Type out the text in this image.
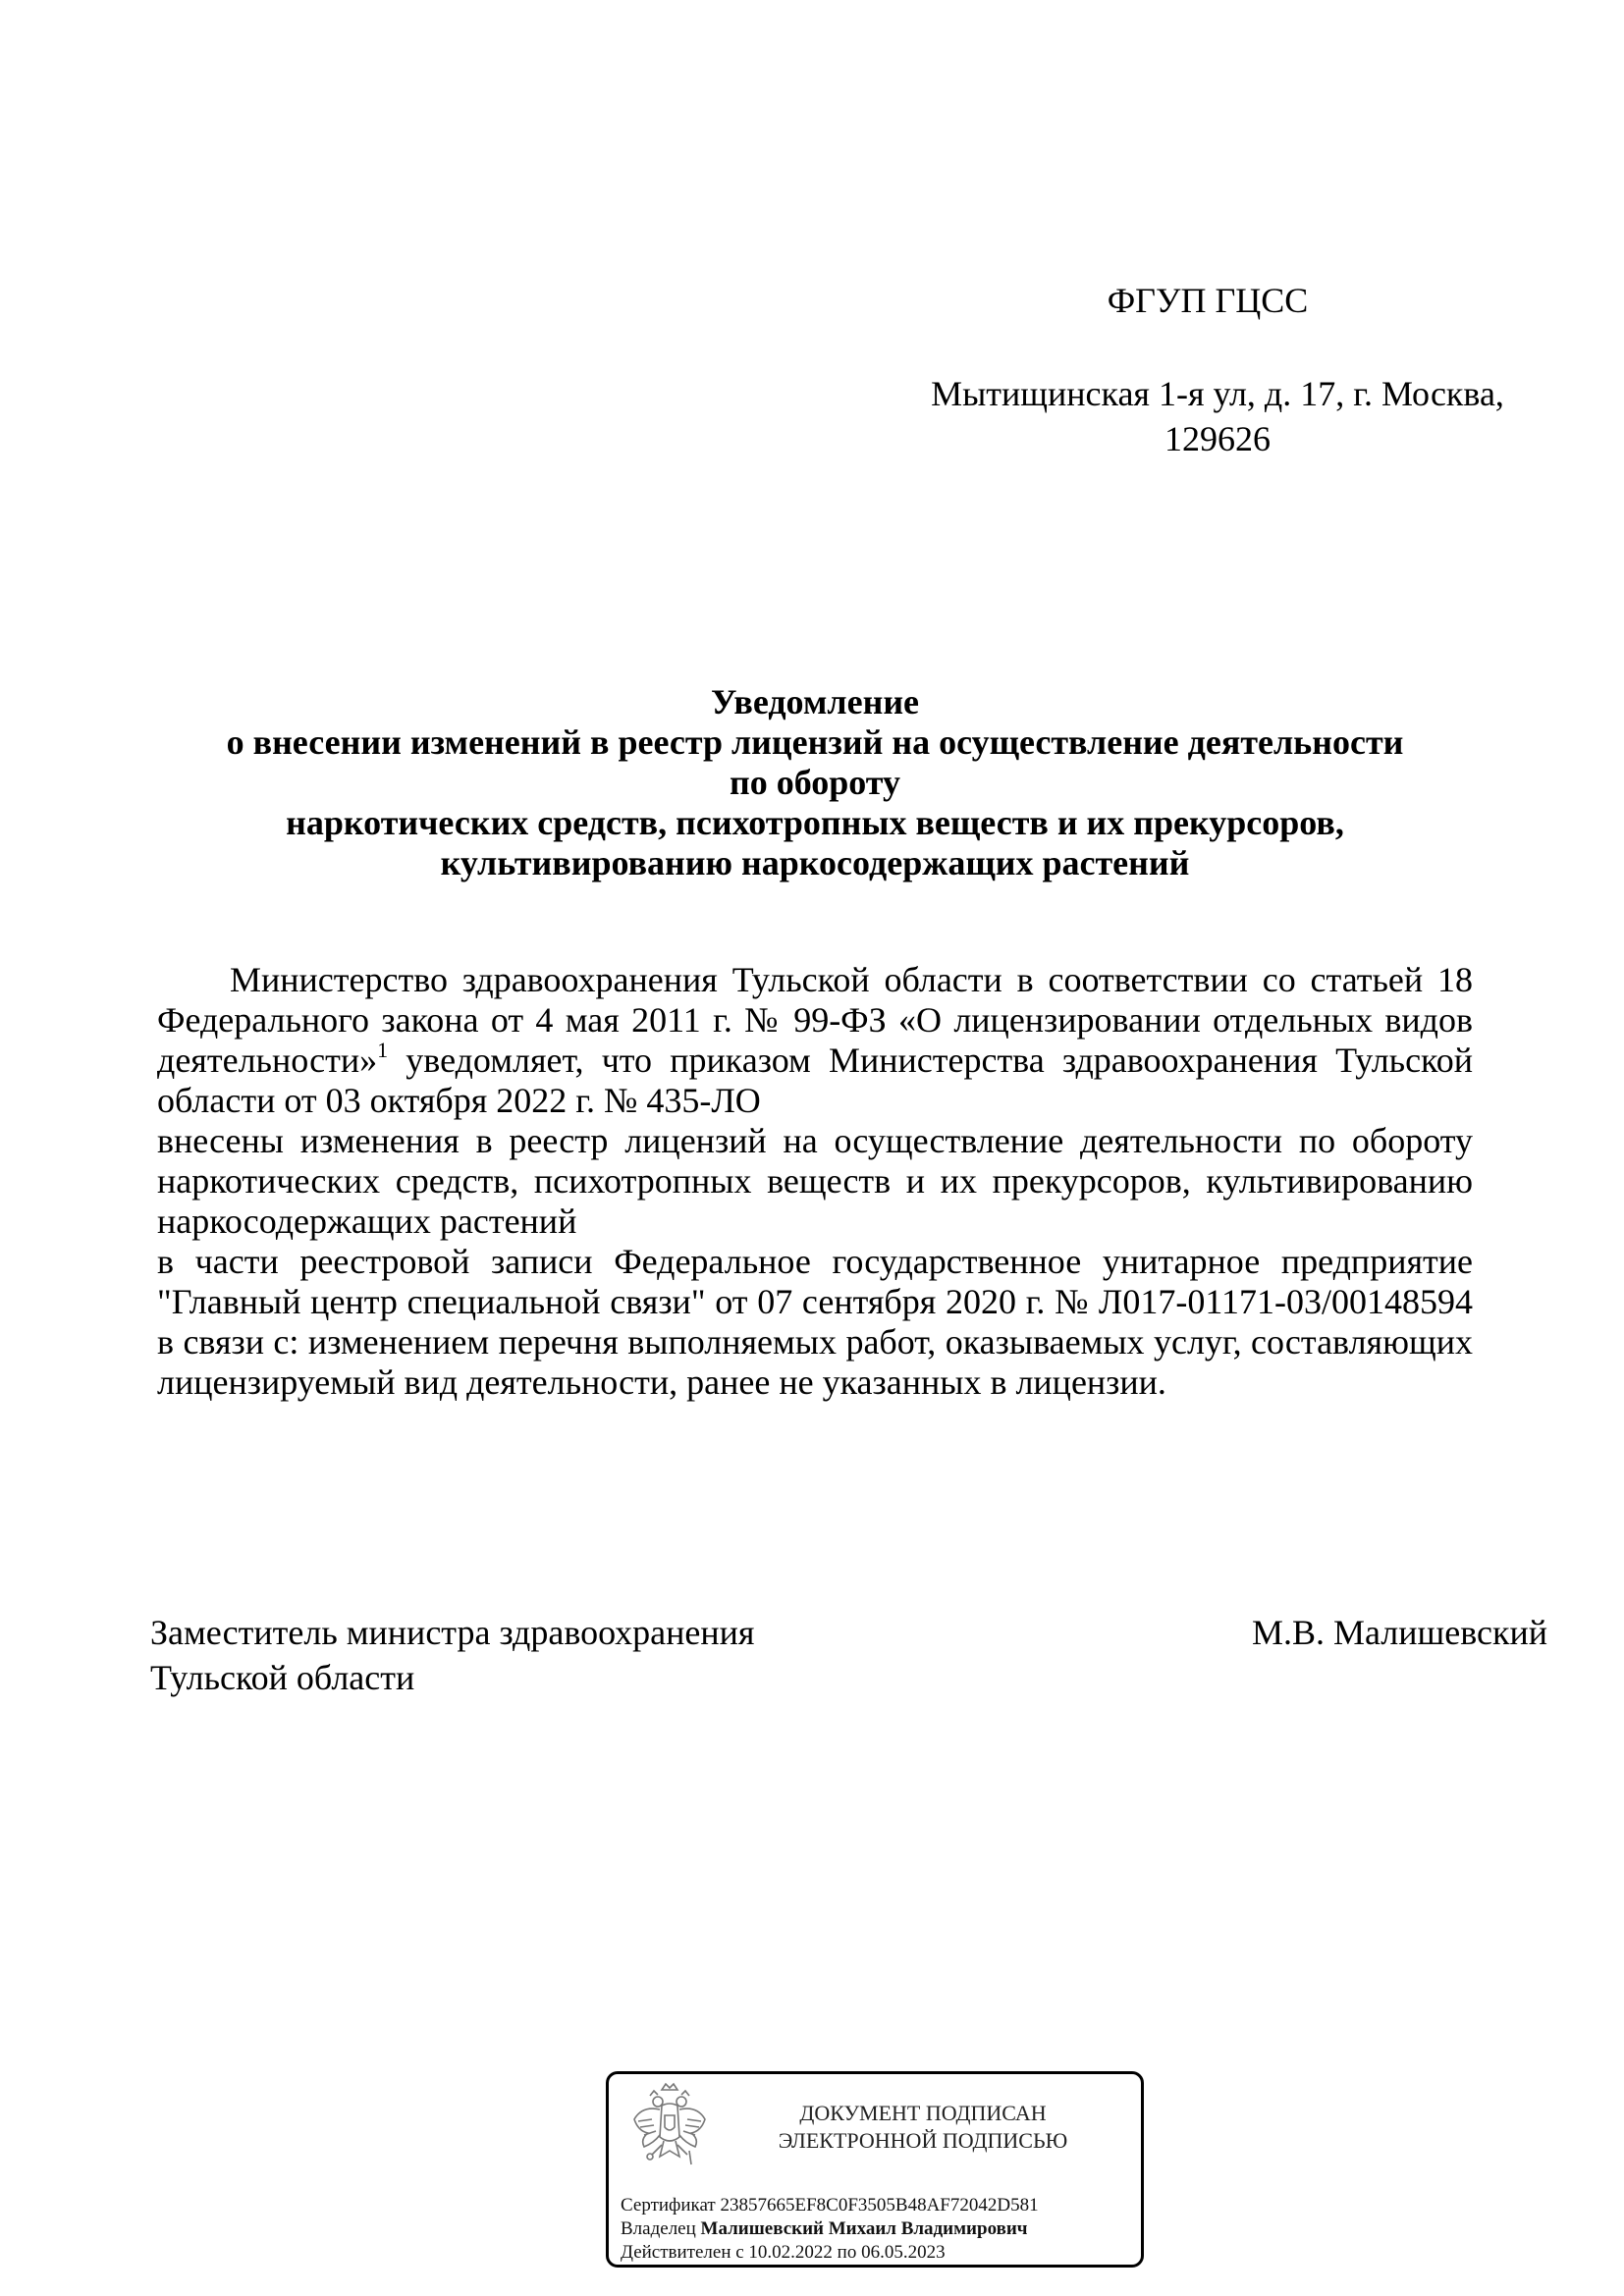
ФГУП ГЦСС
Мытищинская 1-я ул, д. 17, г. Москва,
129626
Уведомление
о внесении изменений в реестр лицензий на осуществление деятельности
по обороту
наркотических средств, психотропных веществ и их прекурсоров,
культивированию наркосодержащих растений
Министерство здравоохранения Тульской области в соответствии со статьей 18 Федерального закона от 4 мая 2011 г. № 99-ФЗ «О лицензировании отдельных видов деятельности»$^1$ уведомляет, что приказом Министерства здравоохранения Тульской области от 03 октября 2022 г. № 435-ЛО
внесены изменения в реестр лицензий на осуществление деятельности по обороту наркотических средств, психотропных веществ и их прекурсоров, культивированию наркосодержащих растений
в части реестровой записи Федеральное государственное унитарное предприятие "Главный центр специальной связи" от 07 сентября 2020 г. № Л017-01171-03/00148594 в связи с: изменением перечня выполняемых работ, оказываемых услуг, составляющих лицензируемый вид деятельности, ранее не указанных в лицензии.
Заместитель министра здравоохранения
Тульской области
М.В. Малишевский
ДОКУМЕНТ ПОДПИСАН
ЭЛЕКТРОННОЙ ПОДПИСЬЮ
Сертификат 23857665EF8C0F3505B48AF72042D581
Владелец Малишевский Михаил Владимирович
Действителен с 10.02.2022 по 06.05.2023
